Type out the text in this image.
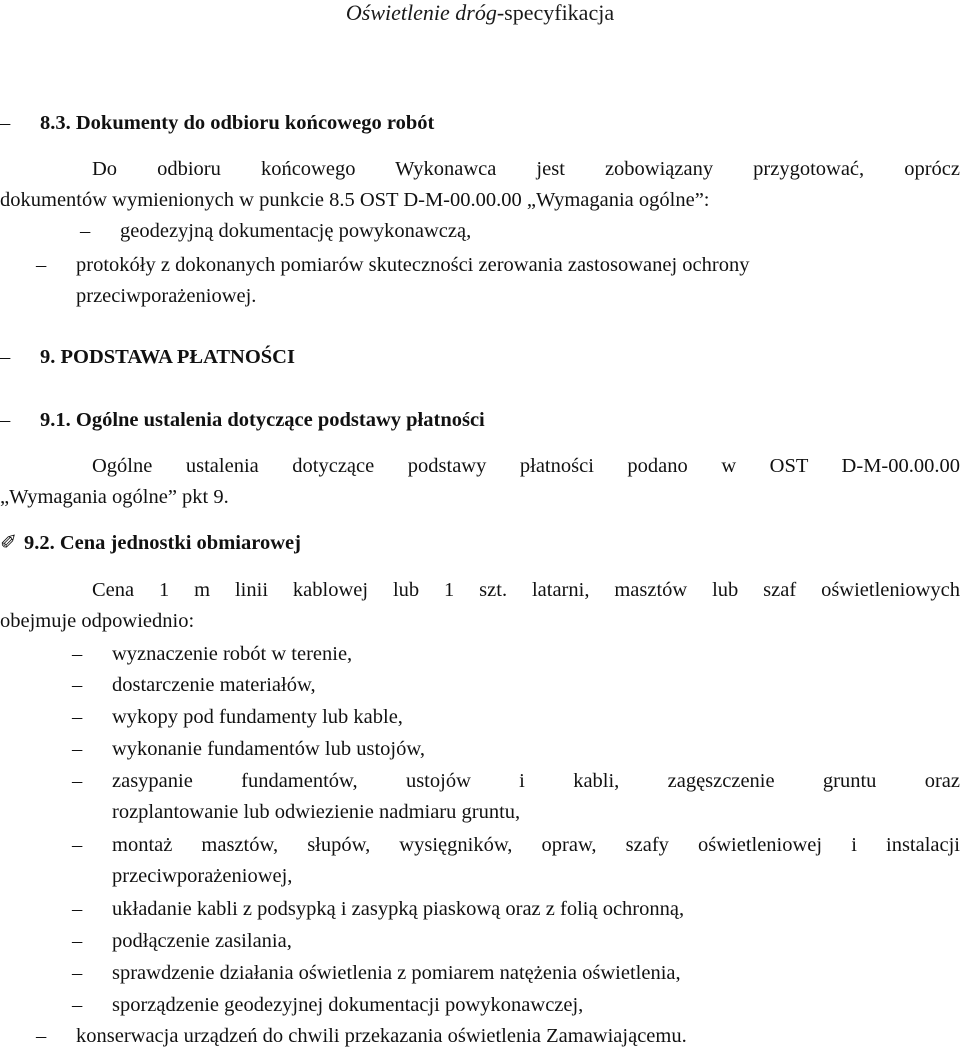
Oświetlenie dróg-specyfikacja
– 8.3. Dokumenty do odbioru końcowego robót
Do odbioru końcowego Wykonawca jest zobowiązany przygotować, oprócz
dokumentów wymienionych w punkcie 8.5 OST D-M-00.00.00 „Wymagania ogólne”:
– geodezyjną dokumentację powykonawczą,
– protokóły z dokonanych pomiarów skuteczności zerowania zastosowanej ochrony
przeciwporażeniowej.
– 9. PODSTAWA PŁATNOŚCI
– 9.1. Ogólne ustalenia dotyczące podstawy płatności
Ogólne ustalenia dotyczące podstawy płatności podano w OST D-M-00.00.00
„Wymagania ogólne” pkt 9.
✐ 9.2. Cena jednostki obmiarowej
Cena 1 m linii kablowej lub 1 szt. latarni, masztów lub szaf oświetleniowych
obejmuje odpowiednio:
– wyznaczenie robót w terenie,
– dostarczenie materiałów,
– wykopy pod fundamenty lub kable,
– wykonanie fundamentów lub ustojów,
– zasypanie fundamentów, ustojów i kabli, zagęszczenie gruntu oraz
rozplantowanie lub odwiezienie nadmiaru gruntu,
– montaż masztów, słupów, wysięgników, opraw, szafy oświetleniowej i instalacji
przeciwporażeniowej,
– układanie kabli z podsypką i zasypką piaskową oraz z folią ochronną,
– podłączenie zasilania,
– sprawdzenie działania oświetlenia z pomiarem natężenia oświetlenia,
– sporządzenie geodezyjnej dokumentacji powykonawczej,
– konserwacja urządzeń do chwili przekazania oświetlenia Zamawiającemu.
